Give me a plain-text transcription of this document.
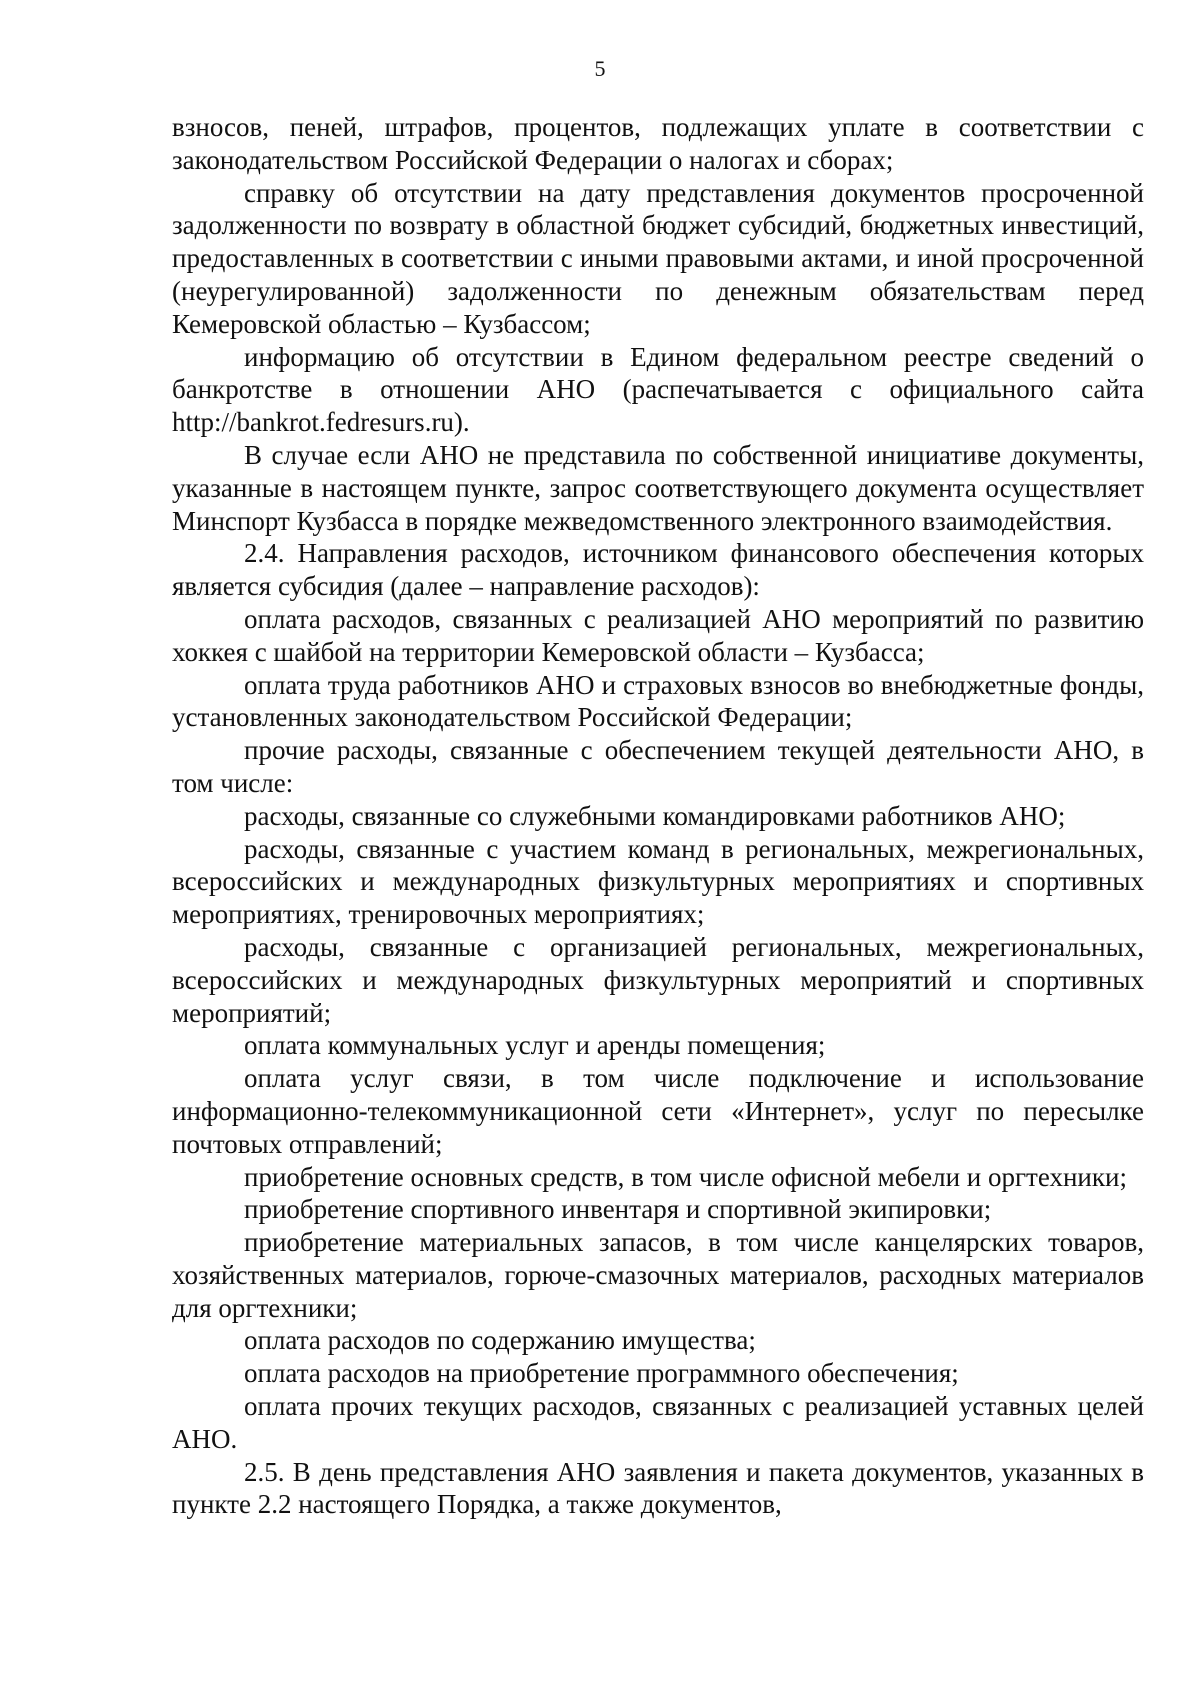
5

взносов, пеней, штрафов, процентов, подлежащих уплате в соответствии с законодательством Российской Федерации о налогах и сборах;

справку об отсутствии на дату представления документов просроченной задолженности по возврату в областной бюджет субсидий, бюджетных инвестиций, предоставленных в соответствии с иными правовыми актами, и иной просроченной (неурегулированной) задолженности по денежным обязательствам перед Кемеровской областью – Кузбассом;

информацию об отсутствии в Едином федеральном реестре сведений о банкротстве в отношении АНО (распечатывается с официального сайта http://bankrot.fedresurs.ru).

В случае если АНО не представила по собственной инициативе документы, указанные в настоящем пункте, запрос соответствующего документа осуществляет Минспорт Кузбасса в порядке межведомственного электронного взаимодействия.

2.4. Направления расходов, источником финансового обеспечения которых является субсидия (далее – направление расходов):

оплата расходов, связанных с реализацией АНО мероприятий по развитию хоккея с шайбой на территории Кемеровской области – Кузбасса;

оплата труда работников АНО и страховых взносов во внебюджетные фонды, установленных законодательством Российской Федерации;

прочие расходы, связанные с обеспечением текущей деятельности АНО, в том числе:

расходы, связанные со служебными командировками работников АНО;

расходы, связанные с участием команд в региональных, межрегиональных, всероссийских и международных физкультурных мероприятиях и спортивных мероприятиях, тренировочных мероприятиях;

расходы, связанные с организацией региональных, межрегиональных, всероссийских и международных физкультурных мероприятий и спортивных мероприятий;

оплата коммунальных услуг и аренды помещения;

оплата услуг связи, в том числе подключение и использование информационно-телекоммуникационной сети «Интернет», услуг по пересылке почтовых отправлений;

приобретение основных средств, в том числе офисной мебели и оргтехники;

приобретение спортивного инвентаря и спортивной экипировки;

приобретение материальных запасов, в том числе канцелярских товаров, хозяйственных материалов, горюче-смазочных материалов, расходных материалов для оргтехники;

оплата расходов по содержанию имущества;

оплата расходов на приобретение программного обеспечения;

оплата прочих текущих расходов, связанных с реализацией уставных целей АНО.

2.5. В день представления АНО заявления и пакета документов, указанных в пункте 2.2 настоящего Порядка, а также документов,
